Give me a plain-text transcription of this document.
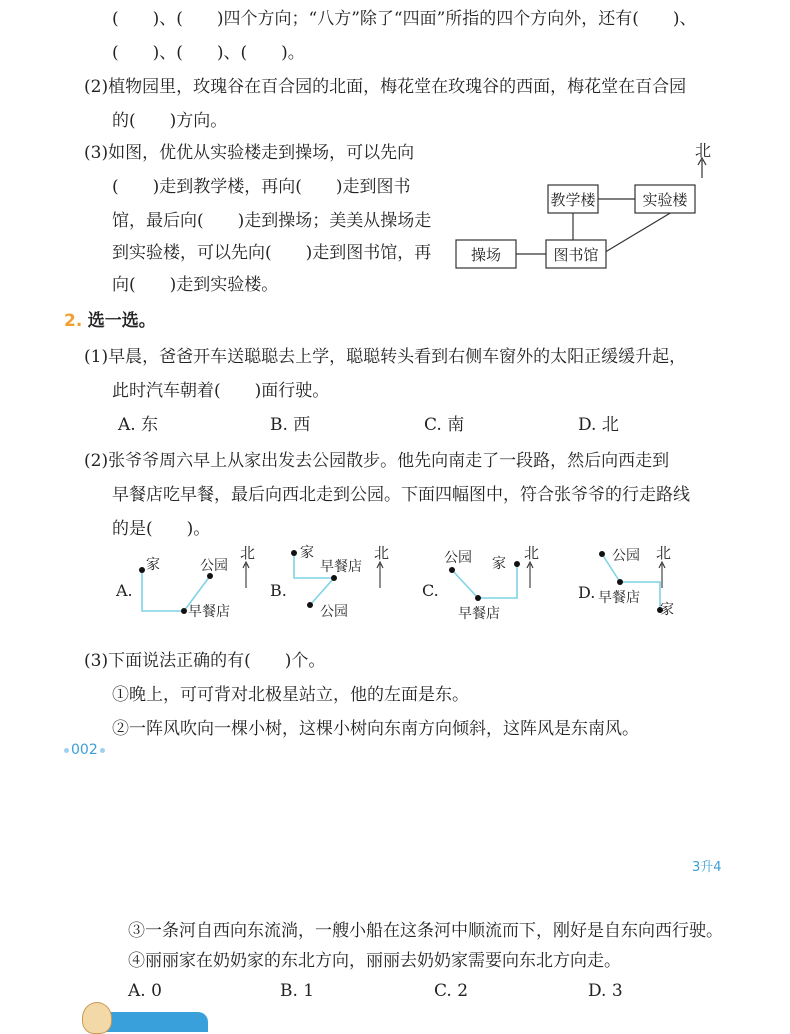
(　　)、(　　)四个方向；“八方”除了“四面”所指的四个方向外，还有(　　)、
(　　)、(　　)、(　　)。
(2)植物园里，玫瑰谷在百合园的北面，梅花堂在玫瑰谷的西面，梅花堂在百合园
的(　　)方向。
(3)如图，优优从实验楼走到操场，可以先向
(　　)走到教学楼，再向(　　)走到图书
馆，最后向(　　)走到操场；美美从操场走
到实验楼，可以先向(　　)走到图书馆，再
向(　　)走到实验楼。
北
教学楼	实验楼
操场	图书馆
2. 选一选。
(1)早晨，爸爸开车送聪聪去上学，聪聪转头看到右侧车窗外的太阳正缓缓升起，
此时汽车朝着(　　)面行驶。
A. 东	B. 西	C. 南	D. 北
(2)张爷爷周六早上从家出发去公园散步。他先向南走了一段路，然后向西走到
早餐店吃早餐，最后向西北走到公园。下面四幅图中，符合张爷爷的行走路线
的是(　　)。
A.
家	公园
早餐店
北
B.
家
早餐店
公园
北
C.
公园 家
早餐店
北
D.
公园
早餐店
家
北
(3)下面说法正确的有(　　)个。
①晚上，可可背对北极星站立，他的左面是东。
②一阵风吹向一棵小树，这棵小树向东南方向倾斜，这阵风是东南风。
002
3升4
③一条河自西向东流淌，一艘小船在这条河中顺流而下，刚好是自东向西行驶。
④丽丽家在奶奶家的东北方向，丽丽去奶奶家需要向东北方向走。
A. 0	B. 1	C. 2	D. 3
